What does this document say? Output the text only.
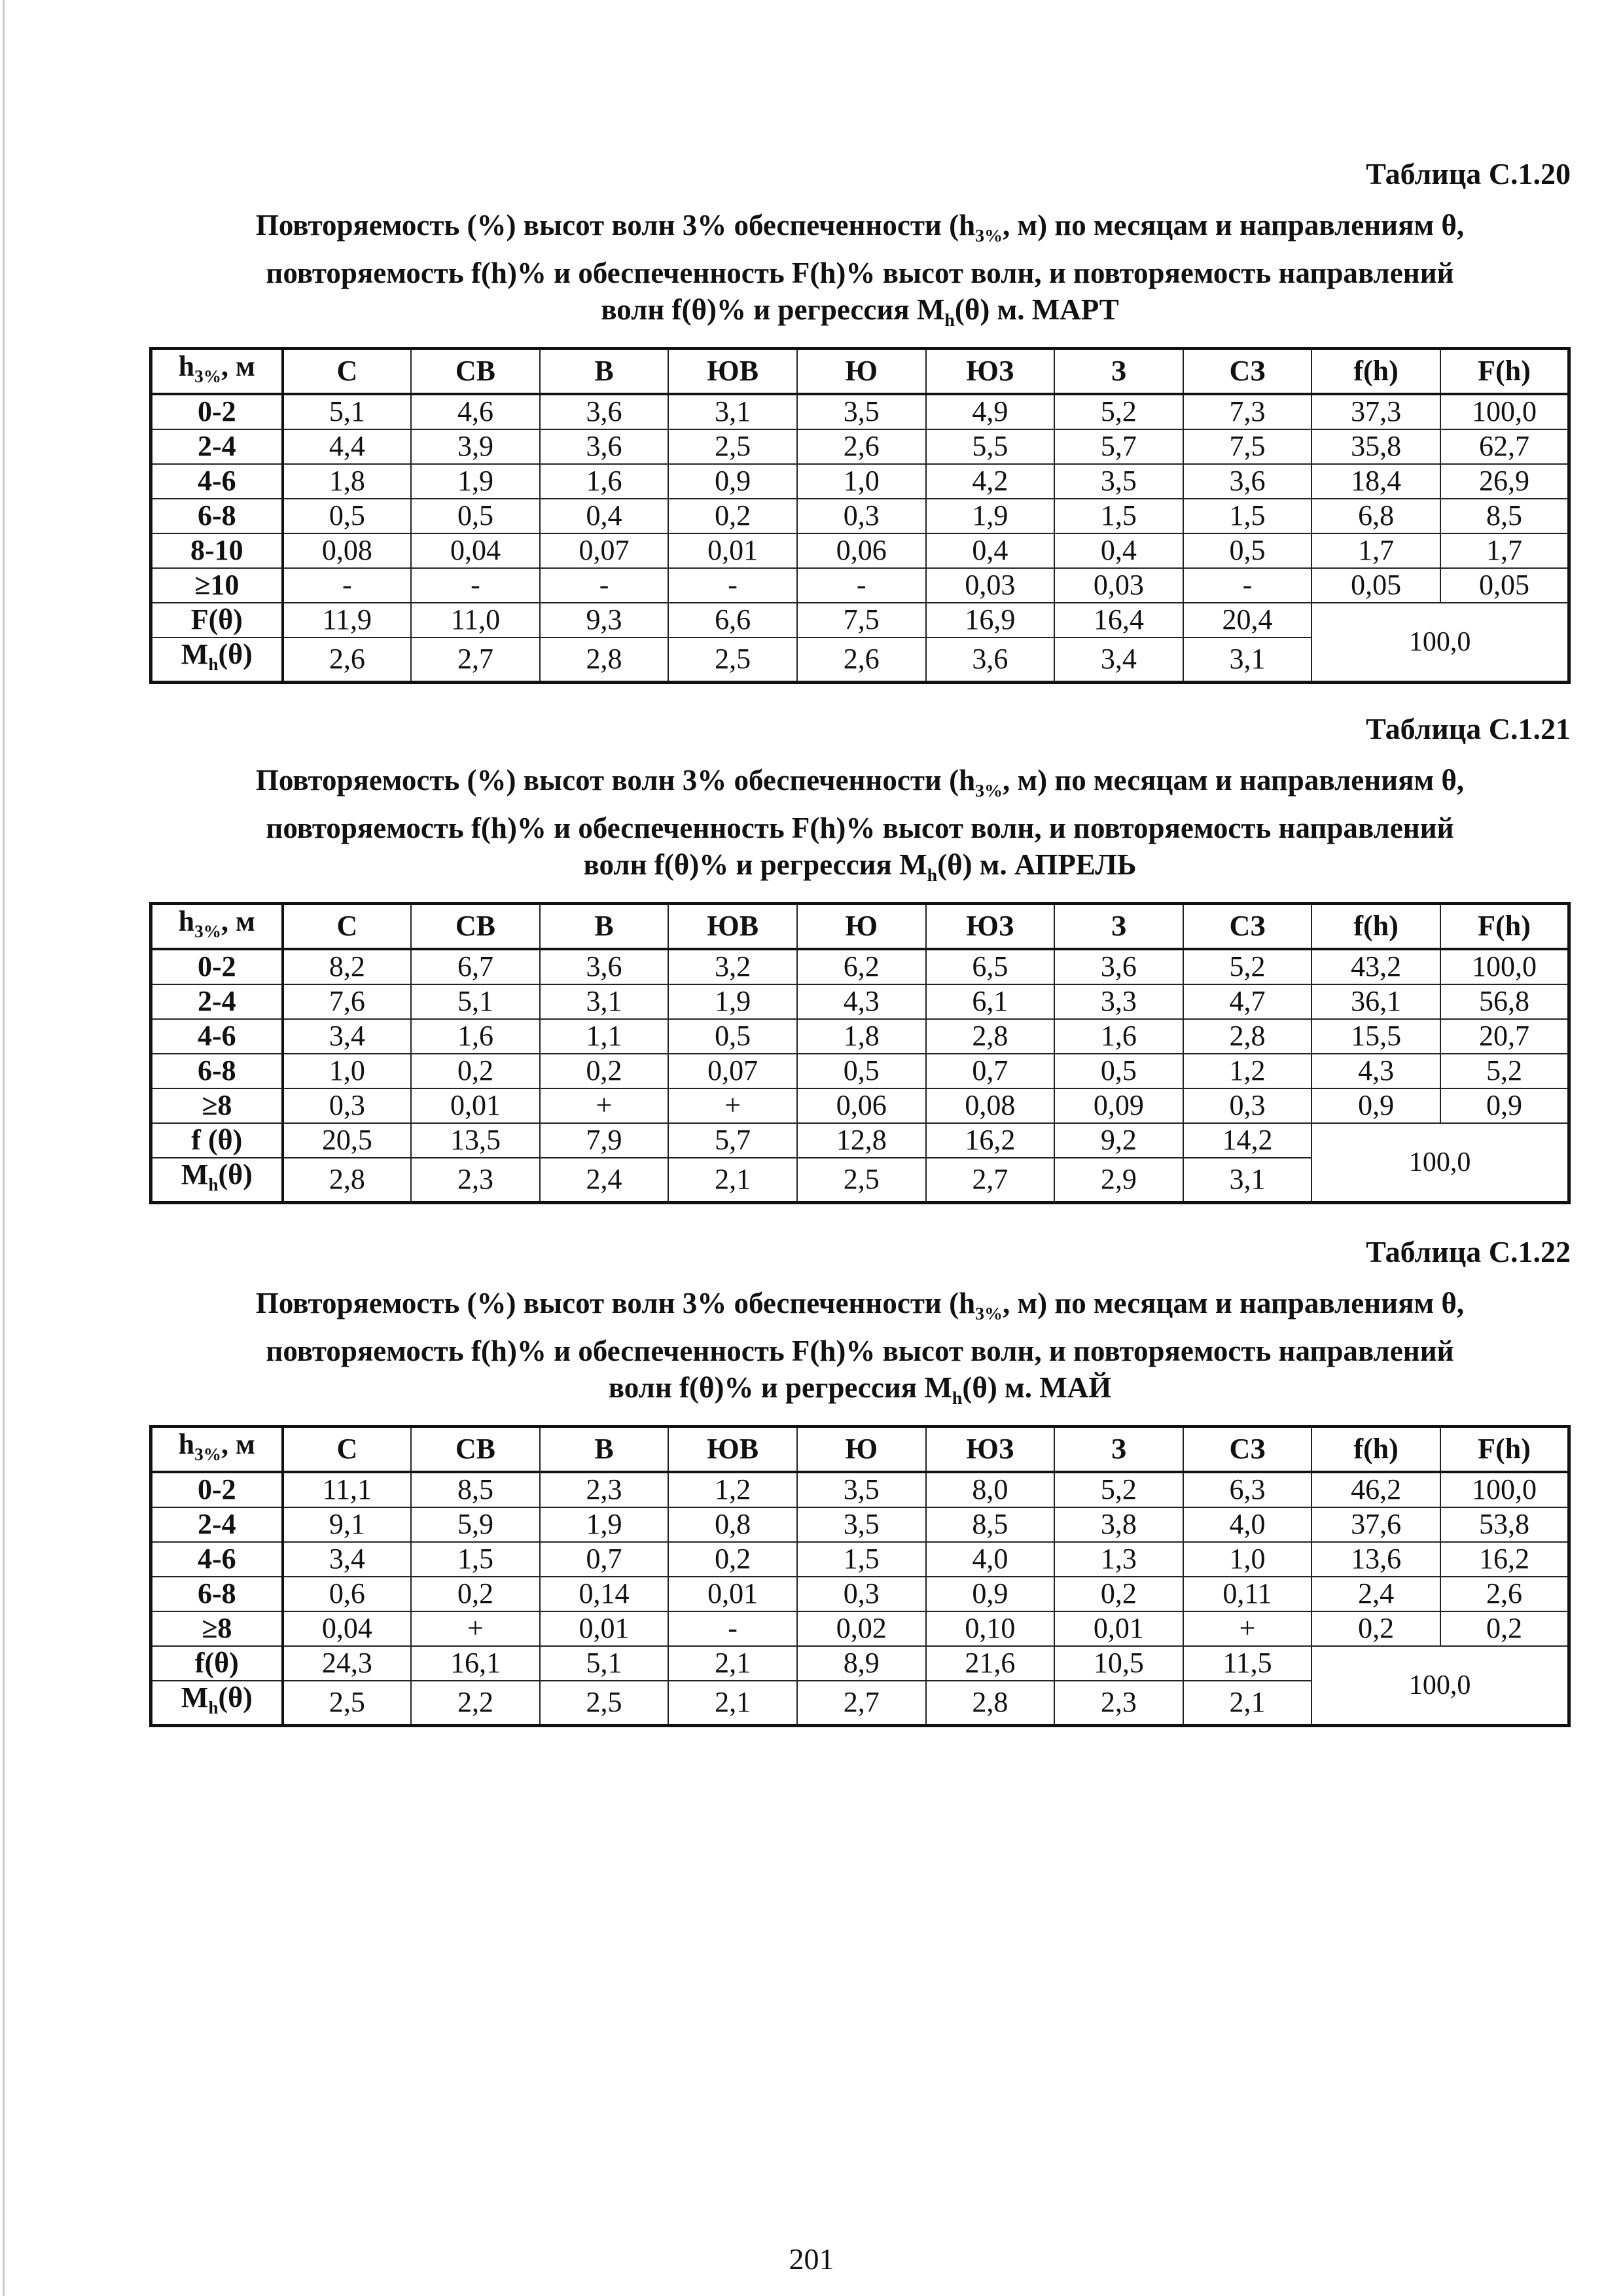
Таблица С.1.20
Повторяемость (%) высот волн 3% обеспеченности ($h_{3\%}$, м) по месяцам и направлениям θ,
повторяемость f(h)% и обеспеченность F(h)% высот волн, и повторяемость направлений
волн f(θ)% и регрессия $M_h(\theta)$ м. МАРТ
$h_{3\%}$, м	С	СВ	В	ЮВ	Ю	ЮЗ	З	СЗ	f(h)	F(h)
0-2	5,1	4,6	3,6	3,1	3,5	4,9	5,2	7,3	37,3	100,0
2-4	4,4	3,9	3,6	2,5	2,6	5,5	5,7	7,5	35,8	62,7
4-6	1,8	1,9	1,6	0,9	1,0	4,2	3,5	3,6	18,4	26,9
6-8	0,5	0,5	0,4	0,2	0,3	1,9	1,5	1,5	6,8	8,5
8-10	0,08	0,04	0,07	0,01	0,06	0,4	0,4	0,5	1,7	1,7
≥10	-	-	-	-	-	0,03	0,03	-	0,05	0,05
F(θ)	11,9	11,0	9,3	6,6	7,5	16,9	16,4	20,4	100,0	
$M_h(\theta)$	2,6	2,7	2,8	2,5	2,6	3,6	3,4	3,1		
Таблица С.1.21
Повторяемость (%) высот волн 3% обеспеченности ($h_{3\%}$, м) по месяцам и направлениям θ,
повторяемость f(h)% и обеспеченность F(h)% высот волн, и повторяемость направлений
волн f(θ)% и регрессия $M_h(\theta)$ м. АПРЕЛЬ
$h_{3\%}$, м	С	СВ	В	ЮВ	Ю	ЮЗ	З	СЗ	f(h)	F(h)
0-2	8,2	6,7	3,6	3,2	6,2	6,5	3,6	5,2	43,2	100,0
2-4	7,6	5,1	3,1	1,9	4,3	6,1	3,3	4,7	36,1	56,8
4-6	3,4	1,6	1,1	0,5	1,8	2,8	1,6	2,8	15,5	20,7
6-8	1,0	0,2	0,2	0,07	0,5	0,7	0,5	1,2	4,3	5,2
≥8	0,3	0,01	+	+	0,06	0,08	0,09	0,3	0,9	0,9
f (θ)	20,5	13,5	7,9	5,7	12,8	16,2	9,2	14,2	100,0	
$M_h(\theta)$	2,8	2,3	2,4	2,1	2,5	2,7	2,9	3,1		
Таблица С.1.22
Повторяемость (%) высот волн 3% обеспеченности ($h_{3\%}$, м) по месяцам и направлениям θ,
повторяемость f(h)% и обеспеченность F(h)% высот волн, и повторяемость направлений
волн f(θ)% и регрессия $M_h(\theta)$ м. МАЙ
$h_{3\%}$, м	С	СВ	В	ЮВ	Ю	ЮЗ	З	СЗ	f(h)	F(h)
0-2	11,1	8,5	2,3	1,2	3,5	8,0	5,2	6,3	46,2	100,0
2-4	9,1	5,9	1,9	0,8	3,5	8,5	3,8	4,0	37,6	53,8
4-6	3,4	1,5	0,7	0,2	1,5	4,0	1,3	1,0	13,6	16,2
6-8	0,6	0,2	0,14	0,01	0,3	0,9	0,2	0,11	2,4	2,6
≥8	0,04	+	0,01	-	0,02	0,10	0,01	+	0,2	0,2
f(θ)	24,3	16,1	5,1	2,1	8,9	21,6	10,5	11,5	100,0	
$M_h(\theta)$	2,5	2,2	2,5	2,1	2,7	2,8	2,3	2,1		
201
